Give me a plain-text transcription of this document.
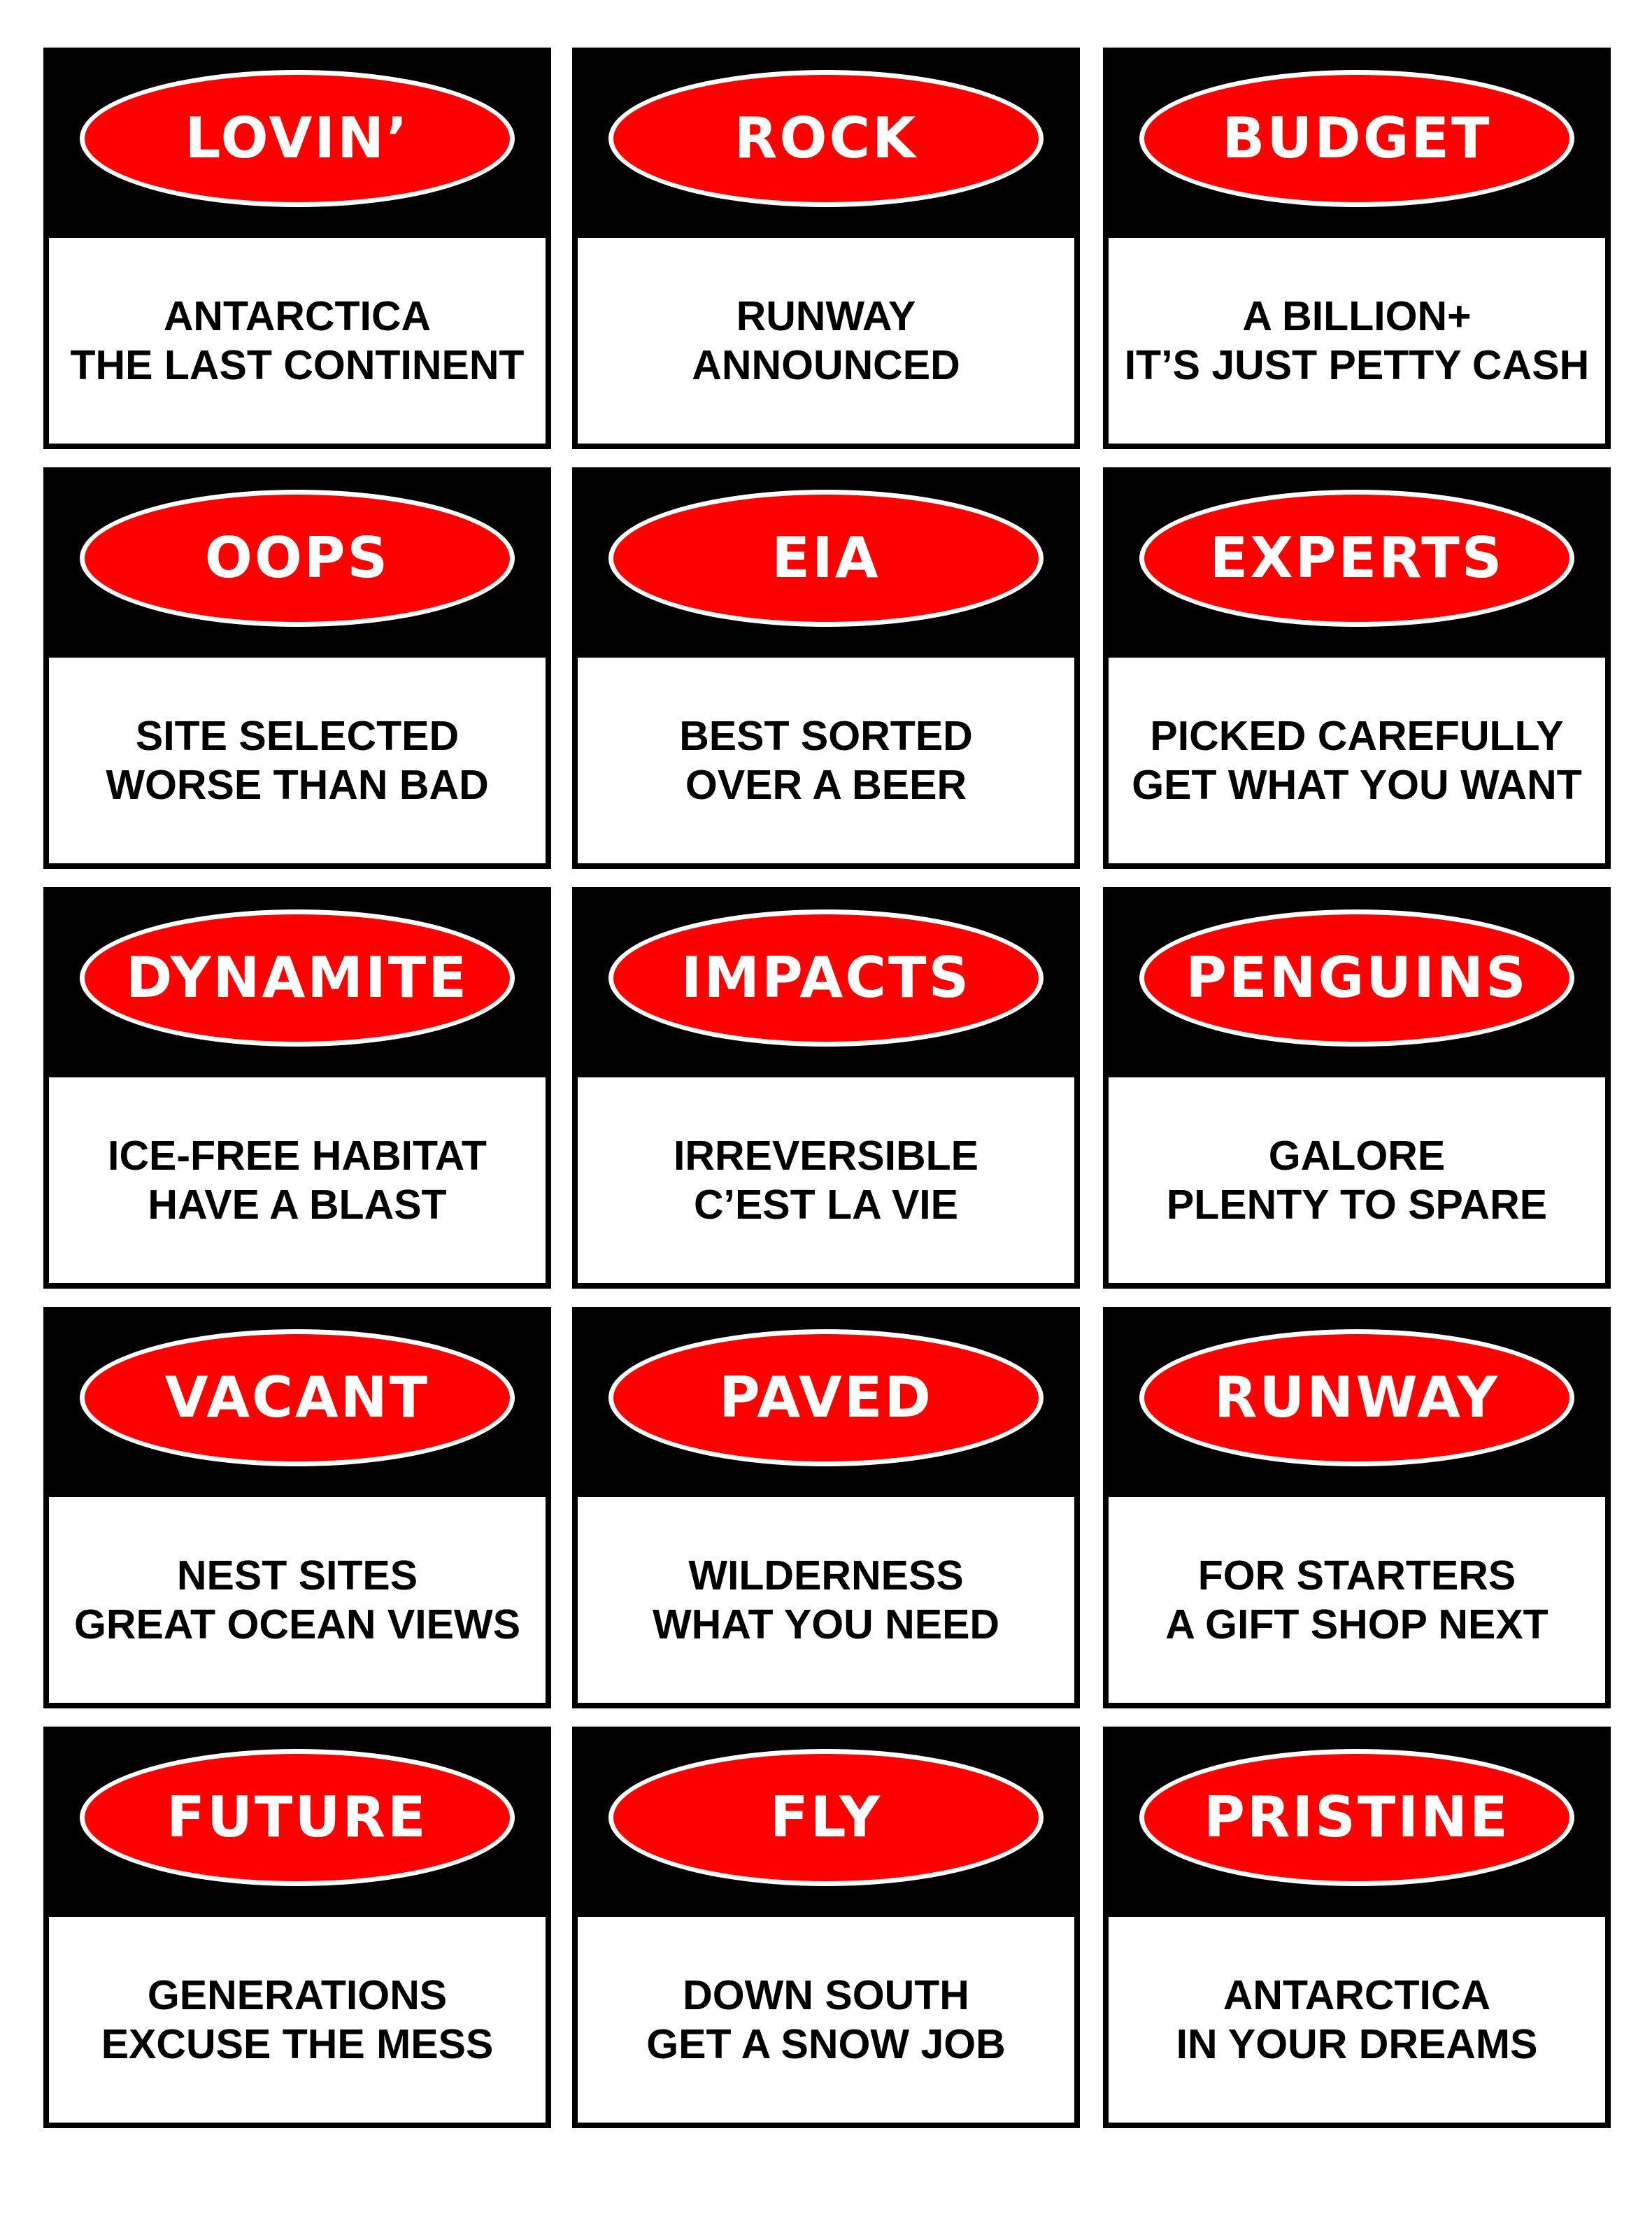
LOVIN’
ANTARCTICA
THE LAST CONTINENT
ROCK
RUNWAY
ANNOUNCED
BUDGET
A BILLION+
IT’S JUST PETTY CASH
OOPS
SITE SELECTED
WORSE THAN BAD
EIA
BEST SORTED
OVER A BEER
EXPERTS
PICKED CAREFULLY
GET WHAT YOU WANT
DYNAMITE
ICE-FREE HABITAT
HAVE A BLAST
IMPACTS
IRREVERSIBLE
C’EST LA VIE
PENGUINS
GALORE
PLENTY TO SPARE
VACANT
NEST SITES
GREAT OCEAN VIEWS
PAVED
WILDERNESS
WHAT YOU NEED
RUNWAY
FOR STARTERS
A GIFT SHOP NEXT
FUTURE
GENERATIONS
EXCUSE THE MESS
FLY
DOWN SOUTH
GET A SNOW JOB
PRISTINE
ANTARCTICA
IN YOUR DREAMS
